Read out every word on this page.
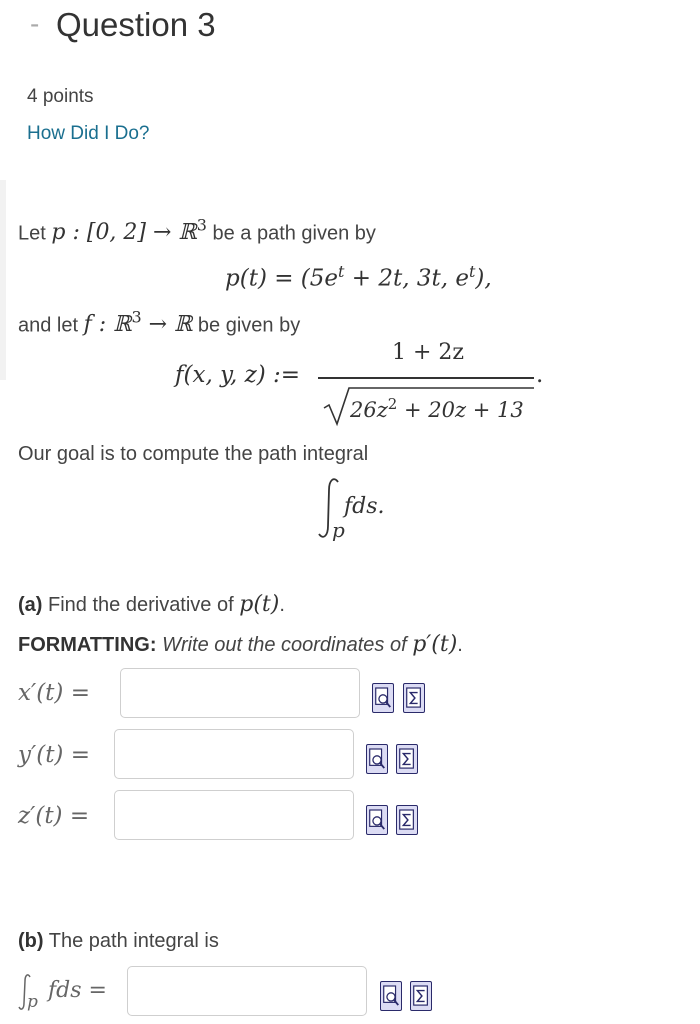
- Question 3
4 points
How Did I Do?
Let p : [0, 2] → ℝ$^3$ be a path given by
$p(t) = (5e^t + 2t$, 3t, $e^t$),
and let f : ℝ$^3$ → ℝ be given by
f(x, y, z) :=
1 + 2z
.
$26z^2 + 20z + 13$
Our goal is to compute the path integral
p
fds.
(a) Find the derivative of p(t).
FORMATTING: Write out the coordinates of p′(t).
x′(t) =
y′(t) =
z′(t) =
(b) The path integral is
p fds =
